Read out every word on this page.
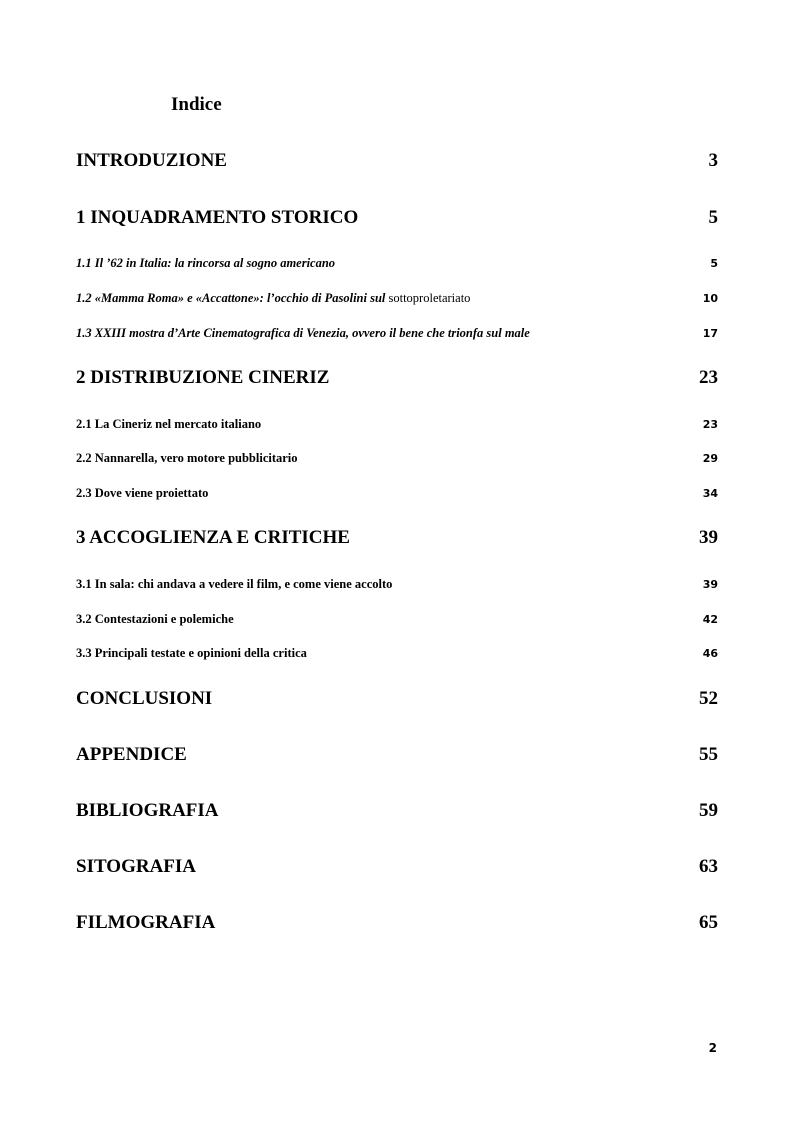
Indice
INTRODUZIONE	3
1 INQUADRAMENTO STORICO	5
1.1 Il ’62 in Italia: la rincorsa al sogno americano	5
1.2 «Mamma Roma» e «Accattone»: l’occhio di Pasolini sul sottoproletariato	10
1.3 XXIII mostra d’Arte Cinematografica di Venezia, ovvero il bene che trionfa sul male	17
2 DISTRIBUZIONE CINERIZ	23
2.1 La Cineriz nel mercato italiano	23
2.2 Nannarella, vero motore pubblicitario	29
2.3 Dove viene proiettato	34
3 ACCOGLIENZA E CRITICHE	39
3.1 In sala: chi andava a vedere il film, e come viene accolto	39
3.2 Contestazioni e polemiche	42
3.3 Principali testate e opinioni della critica	46
CONCLUSIONI	52
APPENDICE	55
BIBLIOGRAFIA	59
SITOGRAFIA	63
FILMOGRAFIA	65
2
